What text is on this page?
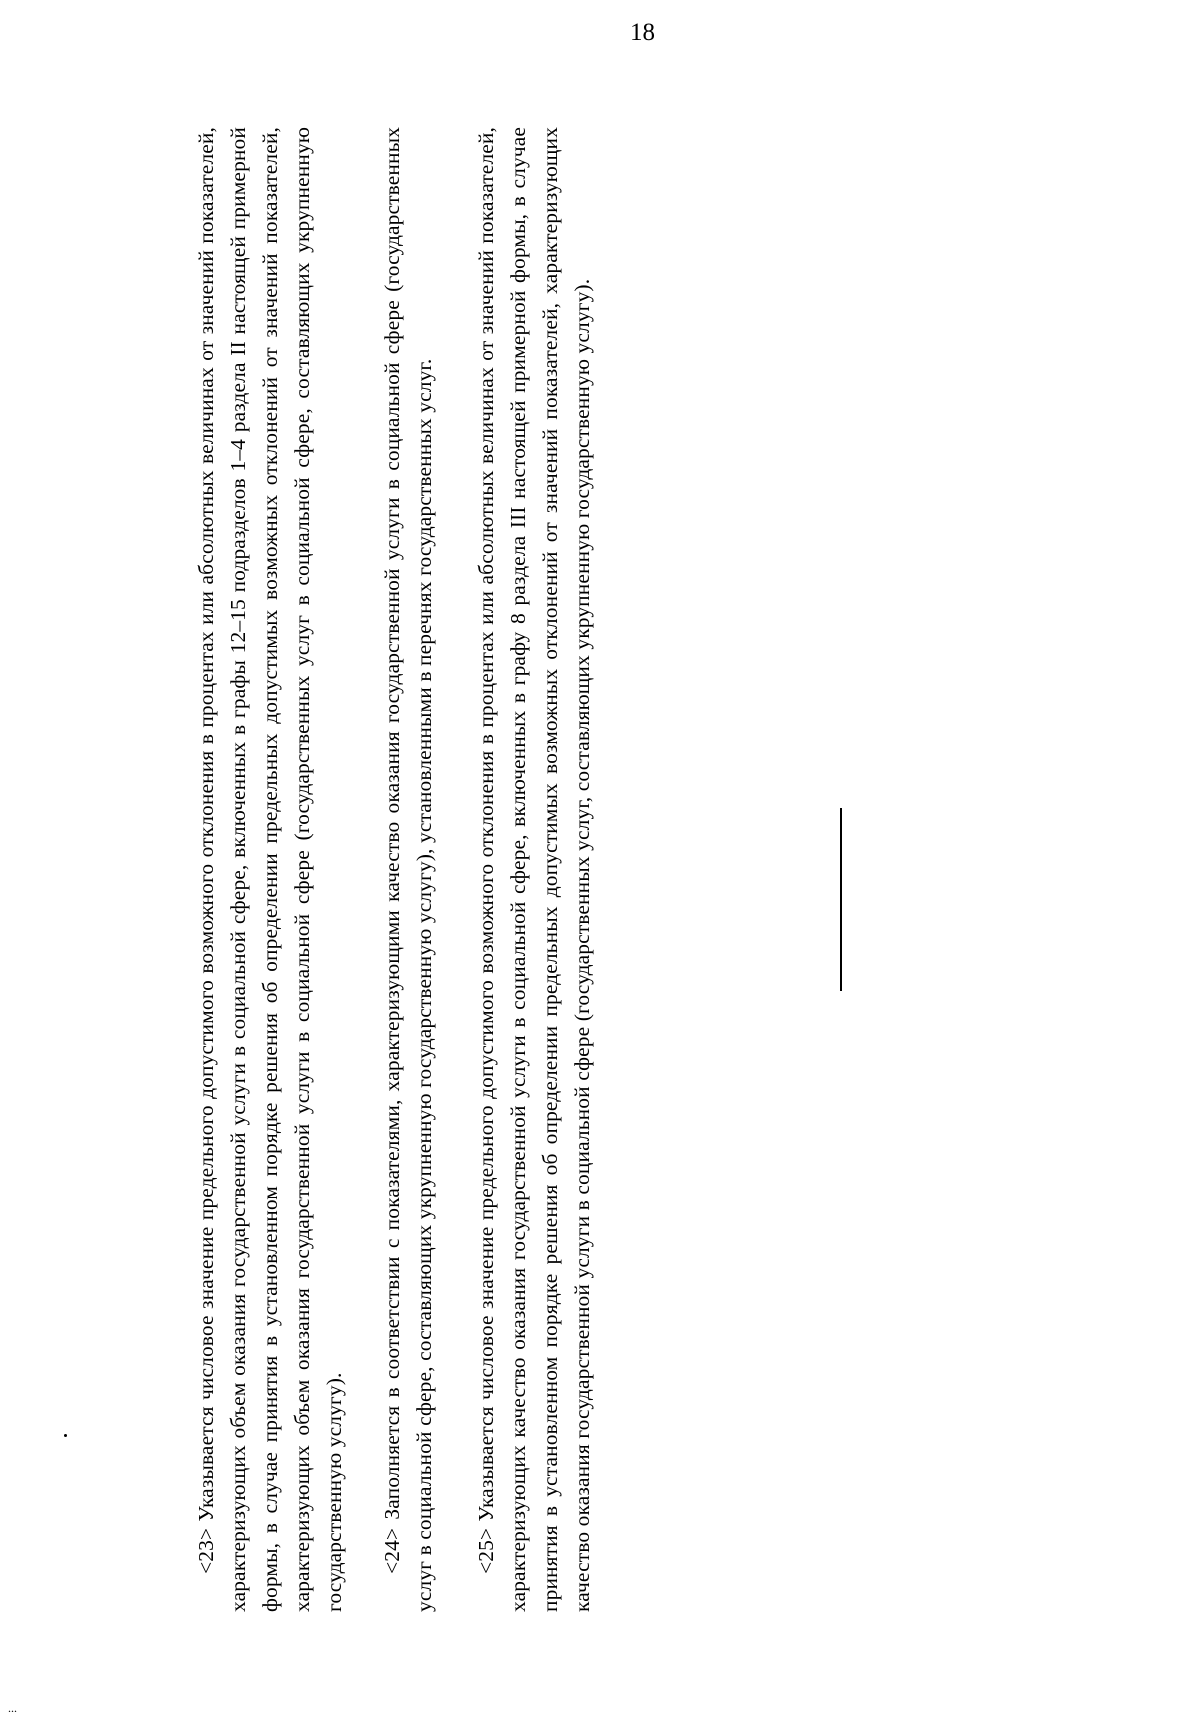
18

<23> Указывается числовое значение предельного допустимого возможного отклонения в процентах или абсолютных величинах от значений показателей, характеризующих объем оказания государственной услуги в социальной сфере, включенных в графы 12–15 подразделов 1–4 раздела II настоящей примерной формы, в случае принятия в установленном порядке решения об определении предельных допустимых возможных отклонений от значений показателей, характеризующих объем оказания государственной услуги в социальной сфере (государственных услуг в социальной сфере, составляющих укрупненную государственную услугу). <24> Заполняется в соответствии с показателями, характеризующими качество оказания государственной услуги в социальной сфере (государственных услуг в социальной сфере, составляющих укрупненную государственную услугу), установленными в перечнях государственных услуг. <25> Указывается числовое значение предельного допустимого возможного отклонения в процентах или абсолютных величинах от значений показателей, характеризующих качество оказания государственной услуги в социальной сфере, включенных в графу 8 раздела III настоящей примерной формы, в случае принятия в установленном порядке решения об определении предельных допустимых возможных отклонений от значений показателей, характеризующих качество оказания государственной услуги в социальной сфере (государственных услуг, составляющих укрупненную государственную услугу).

...
